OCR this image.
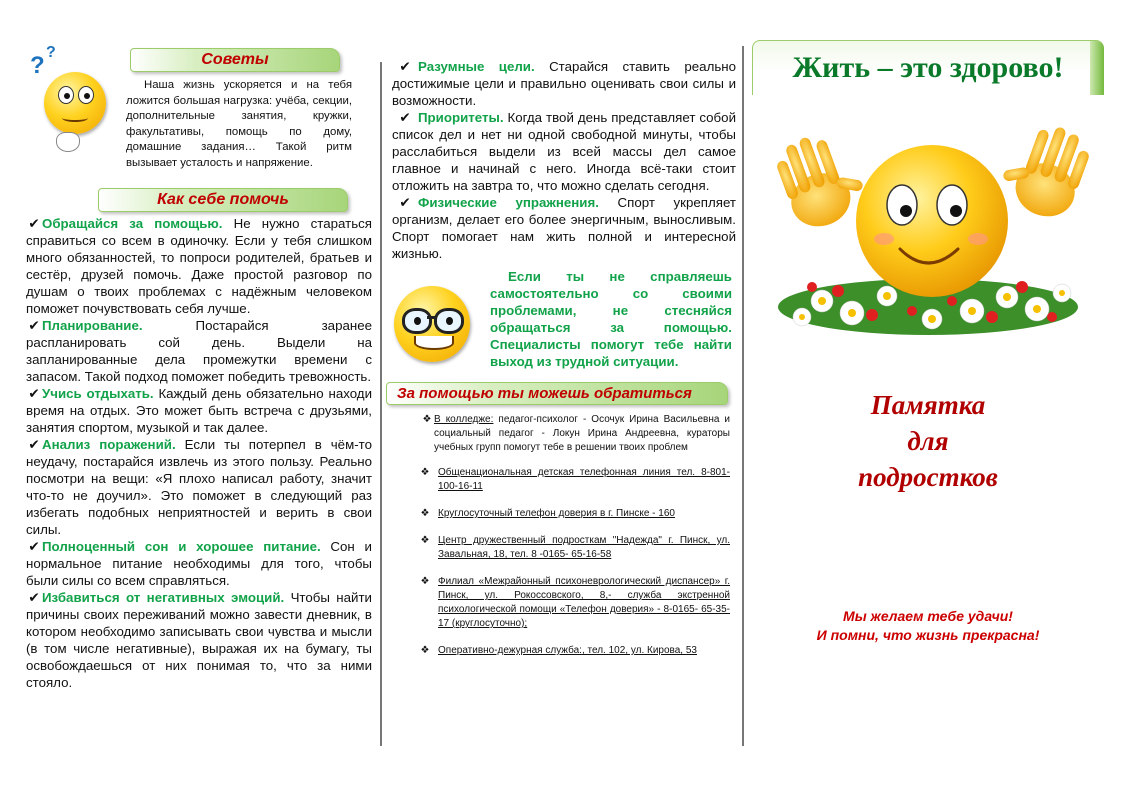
? ?	Советы

Наша жизнь ускоряется и на тебя ложится большая нагрузка: учёба, секции, дополнительные занятия, кружки, факультативы, помощь по дому, домашние задания… Такой ритм вызывает усталость и напряжение.

Как себе помочь

✔ Обращайся за помощью. Не нужно стараться справиться со всем в одиночку. Если у тебя слишком много обязанностей, то попроси родителей, братьев и сестёр, друзей помочь. Даже простой разговор по душам о твоих проблемах с надёжным человеком поможет почувствовать себя лучше.

✔ Планирование. Постарайся заранее распланировать сой день. Выдели на запланированные дела промежутки времени с запасом. Такой подход поможет победить тревожность.

✔ Учись отдыхать. Каждый день обязательно находи время на отдых. Это может быть встреча с друзьями, занятия спортом, музыкой и так далее.

✔ Анализ поражений. Если ты потерпел в чём-то неудачу, постарайся извлечь из этого пользу. Реально посмотри на вещи: «Я плохо написал работу, значит что-то не доучил». Это поможет в следующий раз избегать подобных неприятностей и верить в свои силы.

✔ Полноценный сон и хорошее питание. Сон и нормальное питание необходимы для того, чтобы были силы со всем справляться.

✔ Избавиться от негативных эмоций. Чтобы найти причины своих переживаний можно завести дневник, в котором необходимо записывать свои чувства и мысли (в том числе негативные), выражая их на бумагу, ты освобождаешься от них понимая то, что за ними стояло.

✔ Разумные цели. Старайся ставить реально достижимые цели и правильно оценивать свои силы и возможности.

✔ Приоритеты. Когда твой день представляет собой список дел и нет ни одной свободной минуты, чтобы расслабиться выдели из всей массы дел самое главное и начинай с него. Иногда всё-таки стоит отложить на завтра то, что можно сделать сегодня.

✔ Физические упражнения. Спорт укрепляет организм, делает его более энергичным, выносливым. Спорт помогает нам жить полной и интересной жизнью.

Если ты не справляешь самостоятельно со своими проблемами, не стесняйся обращаться за помощью. Специалисты помогут тебе найти выход из трудной ситуации.

За помощью ты можешь обратиться
❖ В колледже: педагог-психолог - Осочук Ирина Васильевна и социальный педагог - Локун Ирина Андреевна, кураторы учебных групп помогут тебе в решении твоих проблем
❖ Общенациональная детская телефонная линия тел. 8-801-100-16-11
❖ Круглосуточный телефон доверия в г. Пинске - 160
❖ Центр дружественный подросткам "Надежда" г. Пинск, ул. Завальная, 18, тел. 8 -0165- 65-16-58
❖ Филиал «Межрайонный психоневрологический диспансер» г. Пинск, ул. Рокоссовского, 8,- служба экстренной психологической помощи «Телефон доверия» - 8-0165- 65-35-17 (круглосуточно);
❖ Оперативно-дежурная служба:, тел. 102, ул. Кирова, 53
Жить – это здорово!
Памятка
для
подростков
Мы желаем тебе удачи!
И помни, что жизнь прекрасна!
